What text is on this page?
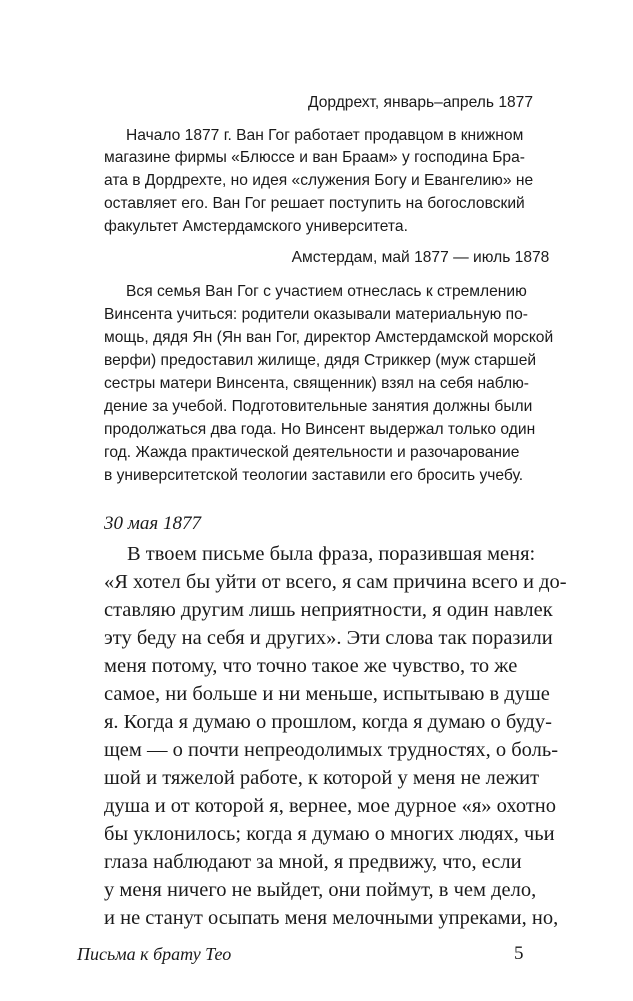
Дордрехт, январь–апрель 1877
Начало 1877 г. Ван Гог работает продавцом в книжном
магазине фирмы «Блюссе и ван Браам» у господина Бра-
ата в Дордрехте, но идея «служения Богу и Евангелию» не
оставляет его. Ван Гог решает поступить на богословский
факультет Амстердамского университета.
Амстердам, май 1877 — июль 1878
Вся семья Ван Гог с участием отнеслась к стремлению
Винсента учиться: родители оказывали материальную по-
мощь, дядя Ян (Ян ван Гог, директор Амстердамской морской
верфи) предоставил жилище, дядя Стриккер (муж старшей
сестры матери Винсента, священник) взял на себя наблю-
дение за учебой. Подготовительные занятия должны были
продолжаться два года. Но Винсент выдержал только один
год. Жажда практической деятельности и разочарование
в университетской теологии заставили его бросить учебу.
30 мая 1877
В твоем письме была фраза, поразившая меня:
«Я хотел бы уйти от всего, я сам причина всего и до-
ставляю другим лишь неприятности, я один навлек
эту беду на себя и других». Эти слова так поразили
меня потому, что точно такое же чувство, то же
самое, ни больше и ни меньше, испытываю в душе
я. Когда я думаю о прошлом, когда я думаю о буду-
щем — о почти непреодолимых трудностях, о боль-
шой и тяжелой работе, к которой у меня не лежит
душа и от которой я, вернее, мое дурное «я» охотно
бы уклонилось; когда я думаю о многих людях, чьи
глаза наблюдают за мной, я предвижу, что, если
у меня ничего не выйдет, они поймут, в чем дело,
и не станут осыпать меня мелочными упреками, но,
Письма к брату Тео	5
